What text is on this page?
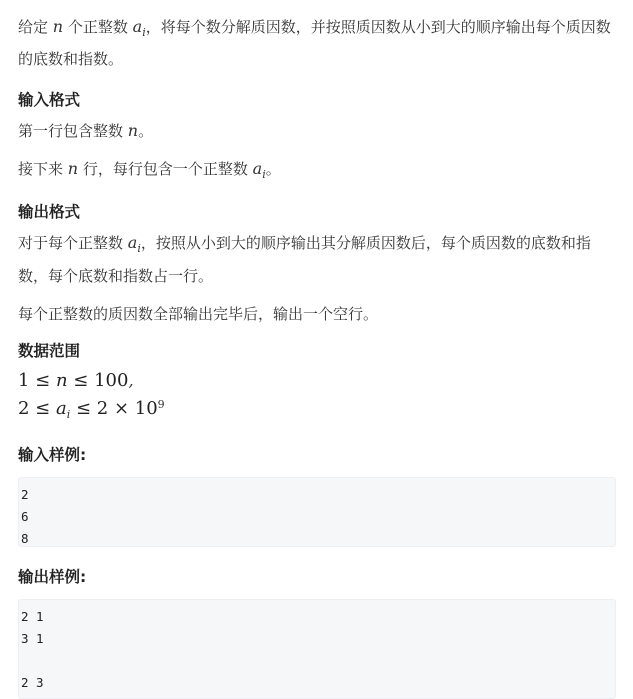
给定 n 个正整数 $a_i$，将每个数分解质因数，并按照质因数从小到大的顺序输出每个质因数的底数和指数。

输入格式

第一行包含整数 n。

接下来 n 行，每行包含一个正整数 $a_i$。

输出格式

对于每个正整数 $a_i$，按照从小到大的顺序输出其分解质因数后，每个质因数的底数和指数，每个底数和指数占一行。

每个正整数的质因数全部输出完毕后，输出一个空行。

数据范围

1 ≤ n ≤ 100,

$2 \le a_i \le 2 \times 10^9$

输入样例:
2
6
8
输出样例:
2 1
3 1

2 3
